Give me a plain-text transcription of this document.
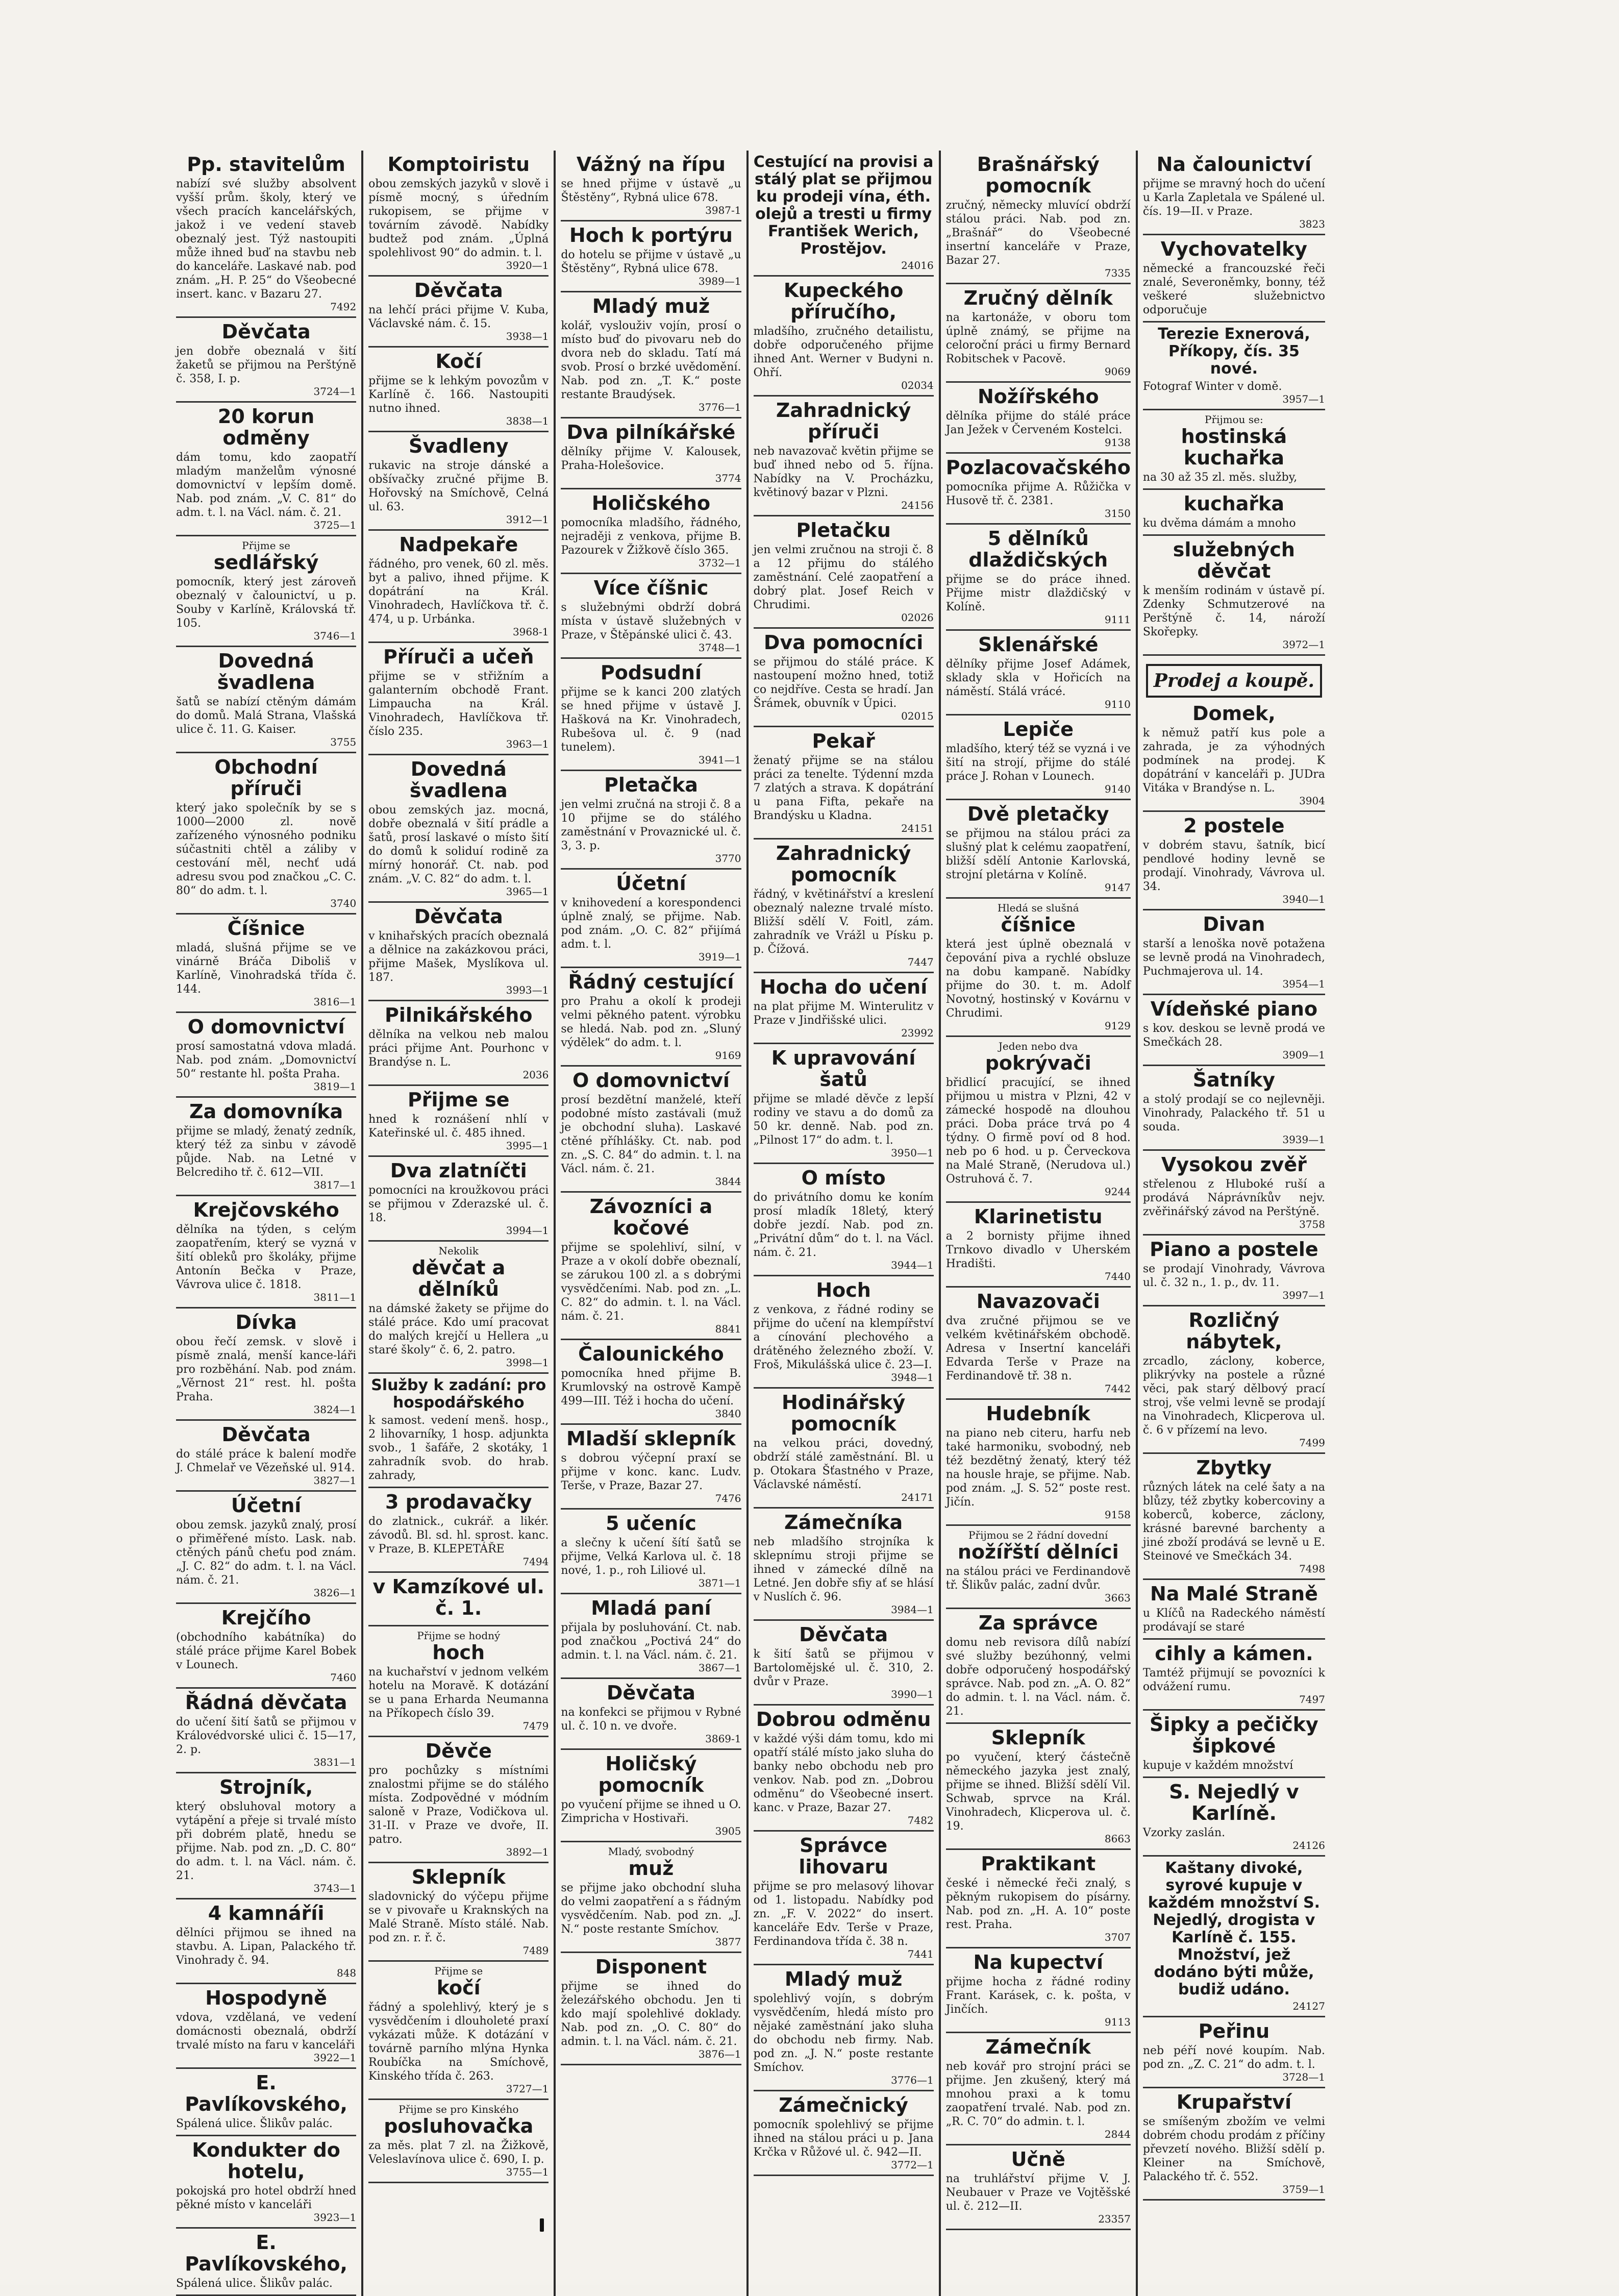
Pp. stavitelům

nabízí své služby absolvent vyšší prům. školy, který ve všech pracích kancelářských, jakož i ve vedení staveb obeznalý jest. Týž nastoupiti může ihned buď na stavbu neb do kanceláře. Laskavé nab. pod znám. „H. P. 25“ do Všeobecné insert. kanc. v Bazaru 27.

7492

Děvčata

jen dobře obeznalá v šití žaketů se přijmou na Perštýně č. 358, I. p.

3724—1

20 korun odměny

dám tomu, kdo zaopatří mladým manželům výnosné domovnictví v lepším domě. Nab. pod znám. „V. C. 81“ do adm. t. l. na Václ. nám. č. 21.

3725—1

Přijme se

sedlářský

pomocník, který jest zároveň obeznalý v čalounictví, u p. Souby v Karlíně, Královská tř. 105.

3746—1

Dovedná švadlena

šatů se nabízí ctěným dámám do domů. Malá Strana, Vlašská ulice č. 11. G. Kaiser.

3755

Obchodní příruči

který jako společník by se s 1000—2000 zl. nově zařízeného výnosného podniku súčastniti chtěl a záliby v cestování měl, nechť udá adresu svou pod značkou „C. C. 80“ do adm. t. l.

3740

Číšnice

mladá, slušná přijme se ve vinárně Bráča Diboliš v Karlíně, Vinohradská třída č. 144.

3816—1

O domovnictví

prosí samostatná vdova mladá. Nab. pod znám. „Domovnictví 50“ restante hl. pošta Praha.

3819—1

Za domovníka

přijme se mladý, ženatý zedník, který též za sinbu v závodě půjde. Nab. na Letné v Belcrediho tř. č. 612—VII.

3817—1

Krejčovského

dělníka na týden, s celým zaopatřením, který se vyzná v šití obleků pro školáky, přijme Antonín Bečka v Praze, Vávrova ulice č. 1818.

3811—1

Dívka

obou řečí zemsk. v slově i písmě znalá, menší kance-láři pro rozběhání. Nab. pod znám. „Věrnost 21“ rest. hl. pošta Praha.

3824—1

Děvčata

do stálé práce k balení modře J. Chmelař ve Vězeňské ul. 914.

3827—1

Účetní

obou zemsk. jazyků znalý, prosí o přiměřené místo. Lask. nab. ctěných pánů cheťu pod znám. „J. C. 82“ do adm. t. l. na Václ. nám. č. 21.

3826—1

Krejčího

(obchodního kabátníka) do stálé práce přijme Karel Bobek v Lounech.

7460

Řádná děvčata

do učení šití šatů se přijmou v Královédvorské ulici č. 15—17, 2. p.

3831—1

Strojník,

který obsluhoval motory a vytápění a přeje si trvalé místo při dobrém platě, hnedu se přijme. Nab. pod zn. „D. C. 80“ do adm. t. l. na Václ. nám. č. 21.

3743—1

4 kamnáříi

dělníci přijmou se ihned na stavbu. A. Lipan, Palackého tř. Vinohrady č. 94.

848

Hospodyně

vdova, vzdělaná, ve vedení domácnosti obeznalá, obdrží trvalé místo na faru v kanceláři

3922—1

E. Pavlíkovského,

Spálená ulice. Šlikův palác.

Kondukter do hotelu,

pokojská pro hotel obdrží hned pěkné místo v kanceláři

3923—1

E. Pavlíkovského,

Spálená ulice. Šlikův palác.

Komptoiristu

obou zemských jazyků v slově i písmě mocný, s úředním rukopisem, se přijme v továrním závodě. Nabídky budtež pod znám. „Úplná spolehlivost 90“ do admin. t. l.

3920—1

Děvčata

na lehčí práci přijme V. Kuba, Václavské nám. č. 15.

3938—1

Kočí

přijme se k lehkým povozům v Karlíně č. 166. Nastoupiti nutno ihned.

3838—1

Švadleny

rukavic na stroje dánské a obšívačky zručné přijme B. Hořovský na Smíchově, Celná ul. 63.

3912—1

Nadpekaře

řádného, pro venek, 60 zl. měs. byt a palivo, ihned přijme. K dopátrání na Král. Vinohradech, Havlíčkova tř. č. 474, u p. Urbánka.

3968-1

Příruči a učeň

přijme se v střižním a galanterním obchodě Frant. Limpaucha na Král. Vinohradech, Havlíčkova tř. číslo 235.

3963—1

Dovedná švadlena

obou zemských jaz. mocná, dobře obeznalá v šití prádle a šatů, prosí laskavé o místo šití do domů k soliduí rodině za mírný honorář. Ct. nab. pod znám. „V. C. 82“ do adm. t. l.

3965—1

Děvčata

v knihařských pracích obeznalá a dělnice na zakázkovou práci, přijme Mašek, Myslíkova ul. 187.

3993—1

Pilnikářského

dělníka na velkou neb malou práci přijme Ant. Pourhonc v Brandýse n. L.

2036

Přijme se

hned k roznášení nhlí v Kateřinské ul. č. 485 ihned.

3995—1

Dva zlatníčti

pomocníci na kroužkovou práci se přijmou v Zderazské ul. č. 18.

3994—1

Nekolik

děvčat a dělníků

na dámské žakety se přijme do stálé práce. Kdo umí pracovat do malých krejčí u Hellera „u staré školy“ č. 6, 2. patro.

3998—1

Služby k zadání: pro hospodářského

k samost. vedení menš. hosp., 2 lihovarníky, 1 hosp. adjunkta svob., 1 šafáře, 2 skotáky, 1 zahradník svob. do hrab. zahrady,

3 prodavačky

do zlatnick., cukrář. a likér. závodů. Bl. sd. hl. sprost. kanc. v Praze, B. KLEPETÁŘE

7494

v Kamzíkové ul. č. 1.

Přijme se hodný

hoch

na kuchařství v jednom velkém hotelu na Moravě. K dotázání se u pana Erharda Neumanna na Příkopech číslo 39.

7479

Děvče

pro pochůzky s místními znalostmi přijme se do stálého místa. Zodpovědné v módním saloně v Praze, Vodičkova ul. 31-II. v Praze ve dvoře, II. patro.

3892—1

Sklepník

sladovnický do výčepu přijme se v pivovaře u Kraknských na Malé Straně. Místo stálé. Nab. pod zn. r. ř. č.

7489

Přijme se

kočí

řádný a spolehlivý, který je s vysvědčením i dlouholeté praxí vykázati může. K dotázání v továrně parního mlýna Hynka Roubíčka na Smíchově, Kinského třída č. 263.

3727—1

Přijme se pro Kinského

posluhovačka

za měs. plat 7 zl. na Žižkově, Veleslavínova ulice č. 690, I. p.

3755—1

Vážný na řípu

se hned přijme v ústavě „u Štěstěny“, Rybná ulice 678.

3987-1

Hoch k portýru

do hotelu se přijme v ústavě „u Štěstěny“, Rybná ulice 678.

3989—1

Mladý muž

kolář, vyslouživ vojín, prosí o místo buď do pivovaru neb do dvora neb do skladu. Tatí má svob. Prosí o brzké uvědomění. Nab. pod zn. „T. K.“ poste restante Braudýsek.

3776—1

Dva pilníkářské

dělníky přijme V. Kalousek, Praha-Holešovice.

3774

Holičského

pomocníka mladšího, řádného, nejraději z venkova, přijme B. Pazourek v Žižkově číslo 365.

3732—1

Více číšnic

s služebnými obdrží dobrá místa v ústavě služebných v Praze, v Štěpánské ulici č. 43.

3748—1

Podsudní

přijme se k kanci 200 zlatých se hned přijme v ústavě J. Hašková na Kr. Vinohradech, Rubešova ul. č. 9 (nad tunelem).

3941—1

Pletačka

jen velmi zručná na stroji č. 8 a 10 přijme se do stálého zaměstnání v Provaznické ul. č. 3, 3. p.

3770

Účetní

v knihovedení a korespondenci úplně znalý, se přijme. Nab. pod znám. „O. C. 82“ přijímá adm. t. l.

3919—1

Řádný cestující

pro Prahu a okolí k prodeji velmi pěkného patent. výrobku se hledá. Nab. pod zn. „Sluný výdělek“ do adm. t. l.

9169

O domovnictví

prosí bezdětní manželé, kteří podobné místo zastávali (muž je obchodní sluha). Laskavé ctěné příhlášky. Ct. nab. pod zn. „S. C. 84“ do admin. t. l. na Václ. nám. č. 21.

3844

Závozníci a kočové

přijme se spolehliví, silní, v Praze a v okolí dobře obeznalí, se zárukou 100 zl. a s dobrými vysvědčeními. Nab. pod zn. „L. C. 82“ do admin. t. l. na Václ. nám. č. 21.

8841

Čalounického

pomocníka hned přijme B. Krumlovský na ostrově Kampě 499—III. Též i hocha do učení.

3840

Mladší sklepník

s dobrou výčepní praxí se přijme v konc. kanc. Ludv. Terše, v Praze, Bazar 27.

7476

5 učeníc

a slečny k učení šítí šatů se přijme, Velká Karlova ul. č. 18 nové, 1. p., roh Liliové ul.

3871—1

Mladá paní

přijala by posluhování. Ct. nab. pod značkou „Poctivá 24“ do admin. t. l. na Václ. nám. č. 21.

3867—1

Děvčata

na konfekci se přijmou v Rybné ul. č. 10 n. ve dvoře.

3869-1

Holičský pomocník

po vyučení přijme se ihned u O. Zimpricha v Hostivaři.

3905

Mladý, svobodný

muž

se přijme jako obchodní sluha do velmi zaopatření a s řádným vysvědčením. Nab. pod zn. „J. N.“ poste restante Smíchov.

3877

Disponent

přijme se ihned do železářského obchodu. Jen ti kdo mají spolehlivé doklady. Nab. pod zn. „O. C. 80“ do admin. t. l. na Václ. nám. č. 21.

3876—1

Cestující na provisi a stálý plat se přijmou ku prodeji vína, éth. olejů a tresti u firmy František Werich, Prostějov.

24016

Kupeckého příručího,

mladšího, zručného detailistu, dobře odporučeného přijme ihned Ant. Werner v Budyni n. Ohří.

02034

Zahradnický příruči

neb navazovač květin přijme se buď ihned nebo od 5. října. Nabídky na V. Procházku, květinový bazar v Plzni.

24156

Pletačku

jen velmi zručnou na stroji č. 8 a 12 přijmu do stálého zaměstnání. Celé zaopatření a dobrý plat. Josef Reich v Chrudimi.

02026

Dva pomocníci

se přijmou do stálé práce. K nastoupení možno hned, totiž co nejdříve. Cesta se hradí. Jan Šrámek, obuvník v Úpici.

02015

Pekař

ženatý přijme se na stálou práci za tenelte. Týdenní mzda 7 zlatých a strava. K dopátrání u pana Fifta, pekaře na Brandýsku u Kladna.

24151

Zahradnický pomocník

řádný, v květinářství a kreslení obeznalý nalezne trvalé místo. Bližší sdělí V. Foitl, zám. zahradník ve Vrážl u Písku p. p. Čížová.

7447

Hocha do učení

na plat přijme M. Winterulitz v Praze v Jindřišské ulici.

23992

K upravování šatů

přijme se mladé děvče z lepší rodiny ve stavu a do domů za 50 kr. denně. Nab. pod zn. „Pilnost 17“ do adm. t. l.

3950—1

O místo

do privátního domu ke koním prosí mladík 18letý, který dobře jezdí. Nab. pod zn. „Privátní dům“ do t. l. na Václ. nám. č. 21.

3944—1

Hoch

z venkova, z řádné rodiny se přijme do učení na klempířství a cínování plechového a drátěného železného zboží. V. Froš, Mikulášská ulice č. 23—I.

3948—1

Hodinářský pomocník

na velkou práci, dovedný, obdrží stálé zaměstnání. Bl. u p. Otokara Šťastného v Praze, Václavské náměstí.

24171

Zámečníka

neb mladšího strojníka k sklepnímu stroji přijme se ihned v zámecké dílně na Letné. Jen dobře sfiy ať se hlásí v Nuslích č. 96.

3984—1

Děvčata

k šití šatů se přijmou v Bartolomějské ul. č. 310, 2. dvůr v Praze.

3990—1

Dobrou odměnu

v každé výši dám tomu, kdo mi opatří stálé místo jako sluha do banky nebo obchodu neb pro venkov. Nab. pod zn. „Dobrou odměnu“ do Všeobecné insert. kanc. v Praze, Bazar 27.

7482

Správce lihovaru

přijme se pro melasový lihovar od 1. listopadu. Nabídky pod zn. „F. V. 2022“ do insert. kanceláře Edv. Terše v Praze, Ferdinandova třída č. 38 n.

7441

Mladý muž

spolehlivý vojín, s dobrým vysvědčením, hledá místo pro nějaké zaměstnání jako sluha do obchodu neb firmy. Nab. pod zn. „J. N.“ poste restante Smíchov.

3776—1

Zámečnický

pomocník spolehlivý se přijme ihned na stálou práci u p. Jana Krčka v Růžové ul. č. 942—II.

3772—1

Brašnářský pomocník

zručný, německy mluvící obdrží stálou práci. Nab. pod zn. „Brašnář“ do Všeobecné insertní kanceláře v Praze, Bazar 27.

7335

Zručný dělník

na kartonáže, v oboru tom úplně známý, se přijme na celoroční práci u firmy Bernard Robitschek v Pacově.

9069

Nožířského

dělníka přijme do stálé práce Jan Ježek v Červeném Kostelci.

9138

Pozlacovačského

pomocníka přijme A. Růžička v Husově tř. č. 2381.

3150

5 dělníků dlaždičských

přijme se do práce ihned. Přijme mistr dlaždičský v Kolíně.

9111

Sklenářské

dělníky přijme Josef Adámek, sklady skla v Hořicích na náměstí. Stálá vrácé.

9110

Lepiče

mladšího, který též se vyzná i ve šití na strojí, přijme do stálé práce J. Rohan v Lounech.

9140

Dvě pletačky

se přijmou na stálou práci za slušný plat k celému zaopatření, bližší sdělí Antonie Karlovská, strojní pletárna v Kolíně.

9147

Hledá se slušná

číšnice

která jest úplně obeznalá v čepování piva a rychlé obsluze na dobu kampaně. Nabídky přijme do 30. t. m. Adolf Novotný, hostinský v Kovárnu v Chrudimi.

9129

Jeden nebo dva

pokrývači

břidlicí pracující, se ihned přijmou u mistra v Plzni, 42 v zámecké hospodě na dlouhou práci. Doba práce trvá po 4 týdny. O firmě poví od 8 hod. neb po 6 hod. u p. Červeckova na Malé Straně, (Nerudova ul.) Ostruhová č. 7.

9244

Klarinetistu

a 2 bornisty přijme ihned Trnkovo divadlo v Uherském Hradišti.

7440

Navazovači

dva zručné přijmou se ve velkém květinářském obchodě. Adresa v Insertní kanceláři Edvarda Terše v Praze na Ferdinandově tř. 38 n.

7442

Hudebník

na piano neb citeru, harfu neb také harmoniku, svobodný, neb též bezdětný ženatý, který též na housle hraje, se přijme. Nab. pod znám. „J. S. 52“ poste rest. Jičín.

9158

Přijmou se 2 řádní dovední

nožířští dělníci

na stálou práci ve Ferdinandově tř. Šlikův palác, zadní dvůr.

3663

Za správce

domu neb revisora dílů nabízí své služby bezúhonný, velmi dobře odporučený hospodářský správce. Nab. pod zn. „A. O. 82“ do admin. t. l. na Václ. nám. č. 21.

Sklepník

po vyučení, který částečně německého jazyka jest znalý, přijme se ihned. Bližší sdělí Vil. Schwab, sprvce na Král. Vinohradech, Klicperova ul. č. 19.

8663

Praktikant

české i německé řeči znalý, s pěkným rukopisem do písárny. Nab. pod zn. „H. A. 10“ poste rest. Praha.

3707

Na kupectví

přijme hocha z řádné rodiny Frant. Karásek, c. k. pošta, v Jinčích.

9113

Zámečník

neb kovář pro strojní práci se přijme. Jen zkušený, který má mnohou praxi a k tomu zaopatření trvalé. Nab. pod zn. „R. C. 70“ do admin. t. l.

2844

Učně

na truhlářství přijme V. J. Neubauer v Praze ve Vojtěšské ul. č. 212—II.

23357

Na čalounictví

přijme se mravný hoch do učení u Karla Zapletala ve Spálené ul. čís. 19—II. v Praze.

3823

Vychovatelky

německé a francouzské řeči znalé, Severoněmky, bonny, též veškeré služebnictvo odporučuje

Terezie Exnerová, Příkopy, čís. 35 nové.

Fotograf Winter v domě.

3957—1

Přijmou se:

hostinská kuchařka

na 30 až 35 zl. měs. služby,

kuchařka

ku dvěma dámám a mnoho

služebných děvčat

k menším rodinám v ústavě pí. Zdenky Schmutzerové na Perštýně č. 14, nároží Skořepky.

3972—1

Prodej a koupě.
Domek,

k němuž patří kus pole a zahrada, je za výhodných podmínek na prodej. K dopátrání v kanceláři p. JUDra Vitáka v Brandýse n. L.

3904

2 postele

v dobrém stavu, šatník, bicí pendlové hodiny levně se prodají. Vinohrady, Vávrova ul. 34.

3940—1

Divan

starší a lenoška nově potažena se levně prodá na Vinohradech, Puchmajerova ul. 14.

3954—1

Vídeňské piano

s kov. deskou se levně prodá ve Smečkách 28.

3909—1

Šatníky

a stolý prodají se co nejlevněji. Vinohrady, Palackého tř. 51 u souda.

3939—1

Vysokou zvěř

střelenou z Hluboké ruší a prodává Náprávníkův nejv. zvěřinářský závod na Perštýně.

3758

Piano a postele

se prodají Vinohrady, Vávrova ul. č. 32 n., 1. p., dv. 11.

3997—1

Rozličný nábytek,

zrcadlo, záclony, koberce, plikrývky na postele a různé věci, pak starý dělbový prací stroj, vše velmi levně se prodají na Vinohradech, Klicperova ul. č. 6 v přízemí na levo.

7499

Zbytky

různých látek na celé šaty a na blůzy, též zbytky kobercoviny a koberců, koberce, záclony, krásné barevné barchenty a jiné zboží prodává se levně u E. Steinové ve Smečkách 34.

7498

Na Malé Straně

u Klíčů na Radeckého náměstí prodávají se staré

cihly a kámen.

Tamtéž přijmují se povozníci k odvážení rumu.

7497

Šipky a pečičky šipkové

kupuje v každém množství

S. Nejedlý v Karlíně.

Vzorky zaslán.

24126

Kaštany divoké, syrové kupuje v každém množství S. Nejedlý, drogista v Karlíně č. 155. Množství, jež dodáno býti může, budiž udáno.

24127

Peřinu

neb péří nové koupím. Nab. pod zn. „Z. C. 21“ do adm. t. l.

3728—1

Krupařství

se smíšeným zbožím ve velmi dobrém chodu prodám z příčiny převzetí nového. Bližší sdělí p. Kleiner na Smíchově, Palackého tř. č. 552.

3759—1
